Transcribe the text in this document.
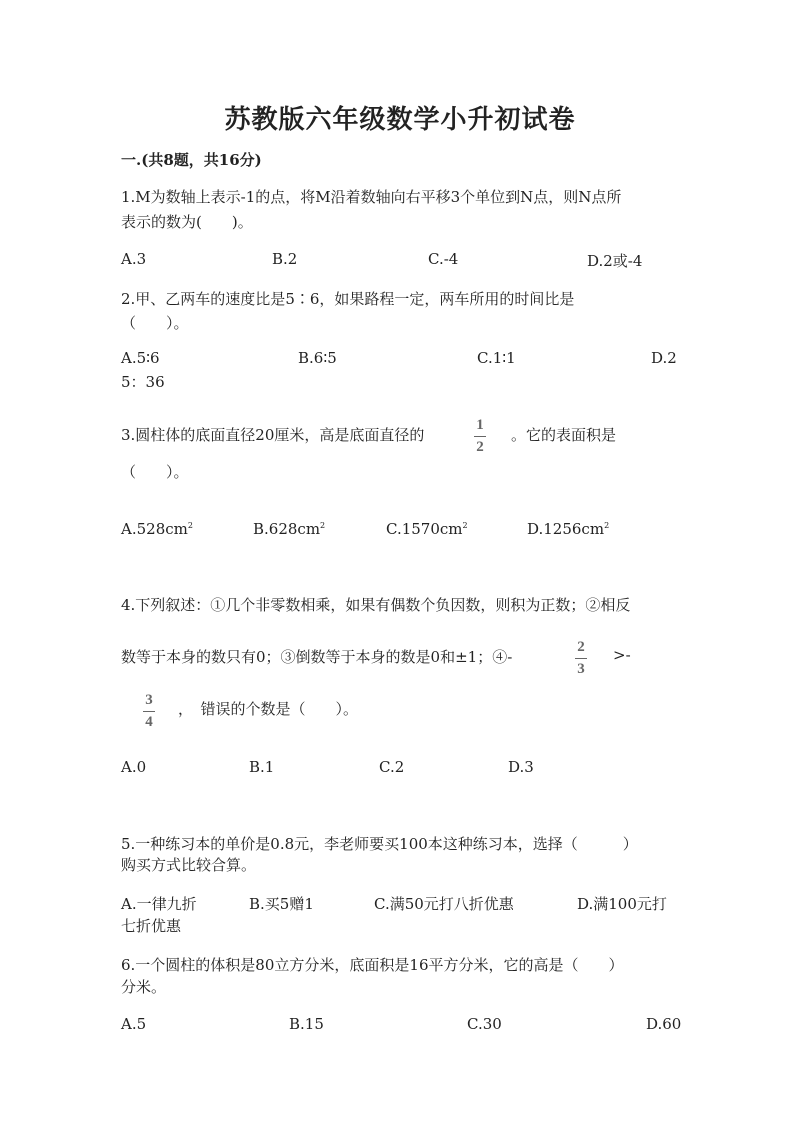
苏教版六年级数学小升初试卷
一.(共8题，共16分)
1.M为数轴上表示-1的点，将M沿着数轴向右平移3个单位到N点，则N点所
表示的数为(　　)。
A.3	B.2	C.-4	D.2或-4
2.甲、乙两车的速度比是5∶6，如果路程一定，两车所用的时间比是
（　　）。
A.5∶6	B.6∶5	C.1∶1	D.2
5：36
3.圆柱体的底面直径20厘米，高是底面直径的
1
2
。它的表面积是
（　　）。
$A.528cm^2$	$B.628cm^2$	$C.1570cm^2$	$D.1256cm^2$
4.下列叙述：①几个非零数相乘，如果有偶数个负因数，则积为正数；②相反
数等于本身的数只有0；③倒数等于本身的数是0和±1；④-
2
3
>-
3
4
，　错误的个数是（　　）。
A.0	B.1	C.2	D.3
5.一种练习本的单价是0.8元，李老师要买100本这种练习本，选择（　　　）
购买方式比较合算。
A.一律九折	B.买5赠1	C.满50元打八折优惠	D.满100元打
七折优惠
6.一个圆柱的体积是80立方分米，底面积是16平方分米，它的高是（　　）
分米。
A.5	B.15	C.30	D.60
